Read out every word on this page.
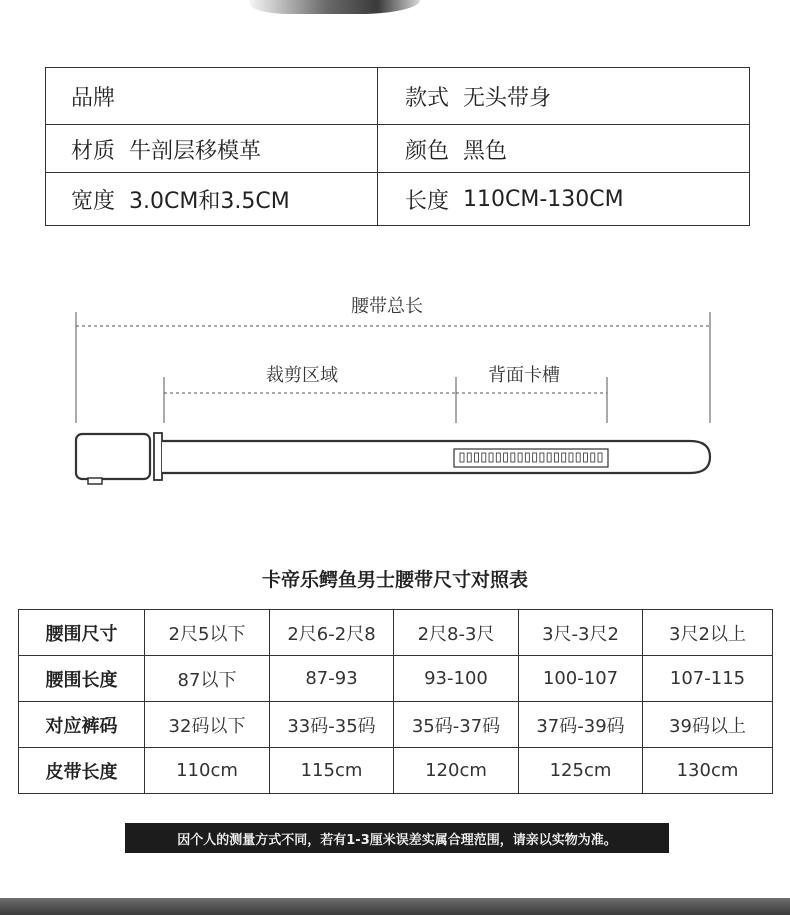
品牌	款式 无头带身
材质 牛剖层移模革	颜色 黑色
宽度 3.0CM和3.5CM	长度 110CM-130CM
腰带总长
裁剪区域	背面卡槽
卡帝乐鳄鱼男士腰带尺寸对照表
腰围尺寸	2尺5以下	2尺6-2尺8	2尺8-3尺	3尺-3尺2	3尺2以上
腰围长度	87以下	87-93	93-100	100-107	107-115
对应裤码	32码以下	33码-35码	35码-37码	37码-39码	39码以上
皮带长度	110cm	115cm	120cm	125cm	130cm
因个人的测量方式不同，若有1-3厘米误差实属合理范围，请亲以实物为准。
